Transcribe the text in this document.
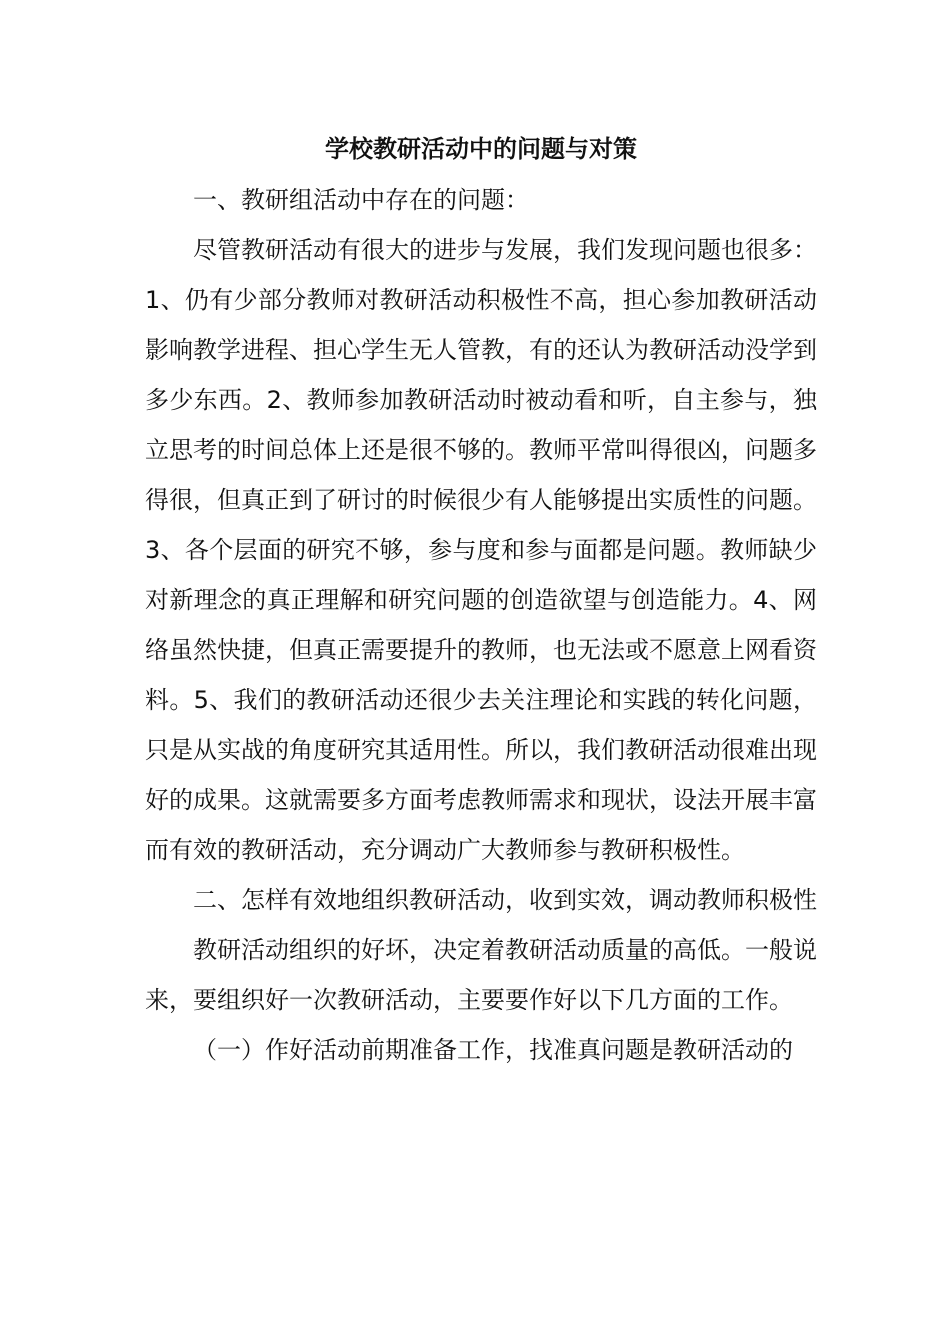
学校教研活动中的问题与对策

一、教研组活动中存在的问题：

尽管教研活动有很大的进步与发展，我们发现问题也很多：1、仍有少部分教师对教研活动积极性不高，担心参加教研活动影响教学进程、担心学生无人管教，有的还认为教研活动没学到多少东西。2、教师参加教研活动时被动看和听，自主参与，独立思考的时间总体上还是很不够的。教师平常叫得很凶，问题多得很，但真正到了研讨的时候很少有人能够提出实质性的问题。3、各个层面的研究不够，参与度和参与面都是问题。教师缺少对新理念的真正理解和研究问题的创造欲望与创造能力。4、网络虽然快捷，但真正需要提升的教师，也无法或不愿意上网看资料。5、我们的教研活动还很少去关注理论和实践的转化问题，只是从实战的角度研究其适用性。所以，我们教研活动很难出现好的成果。这就需要多方面考虑教师需求和现状，设法开展丰富而有效的教研活动，充分调动广大教师参与教研积极性。

二、怎样有效地组织教研活动，收到实效，调动教师积极性

教研活动组织的好坏，决定着教研活动质量的高低。一般说来，要组织好一次教研活动，主要要作好以下几方面的工作。

（一）作好活动前期准备工作，找准真问题是教研活动的
